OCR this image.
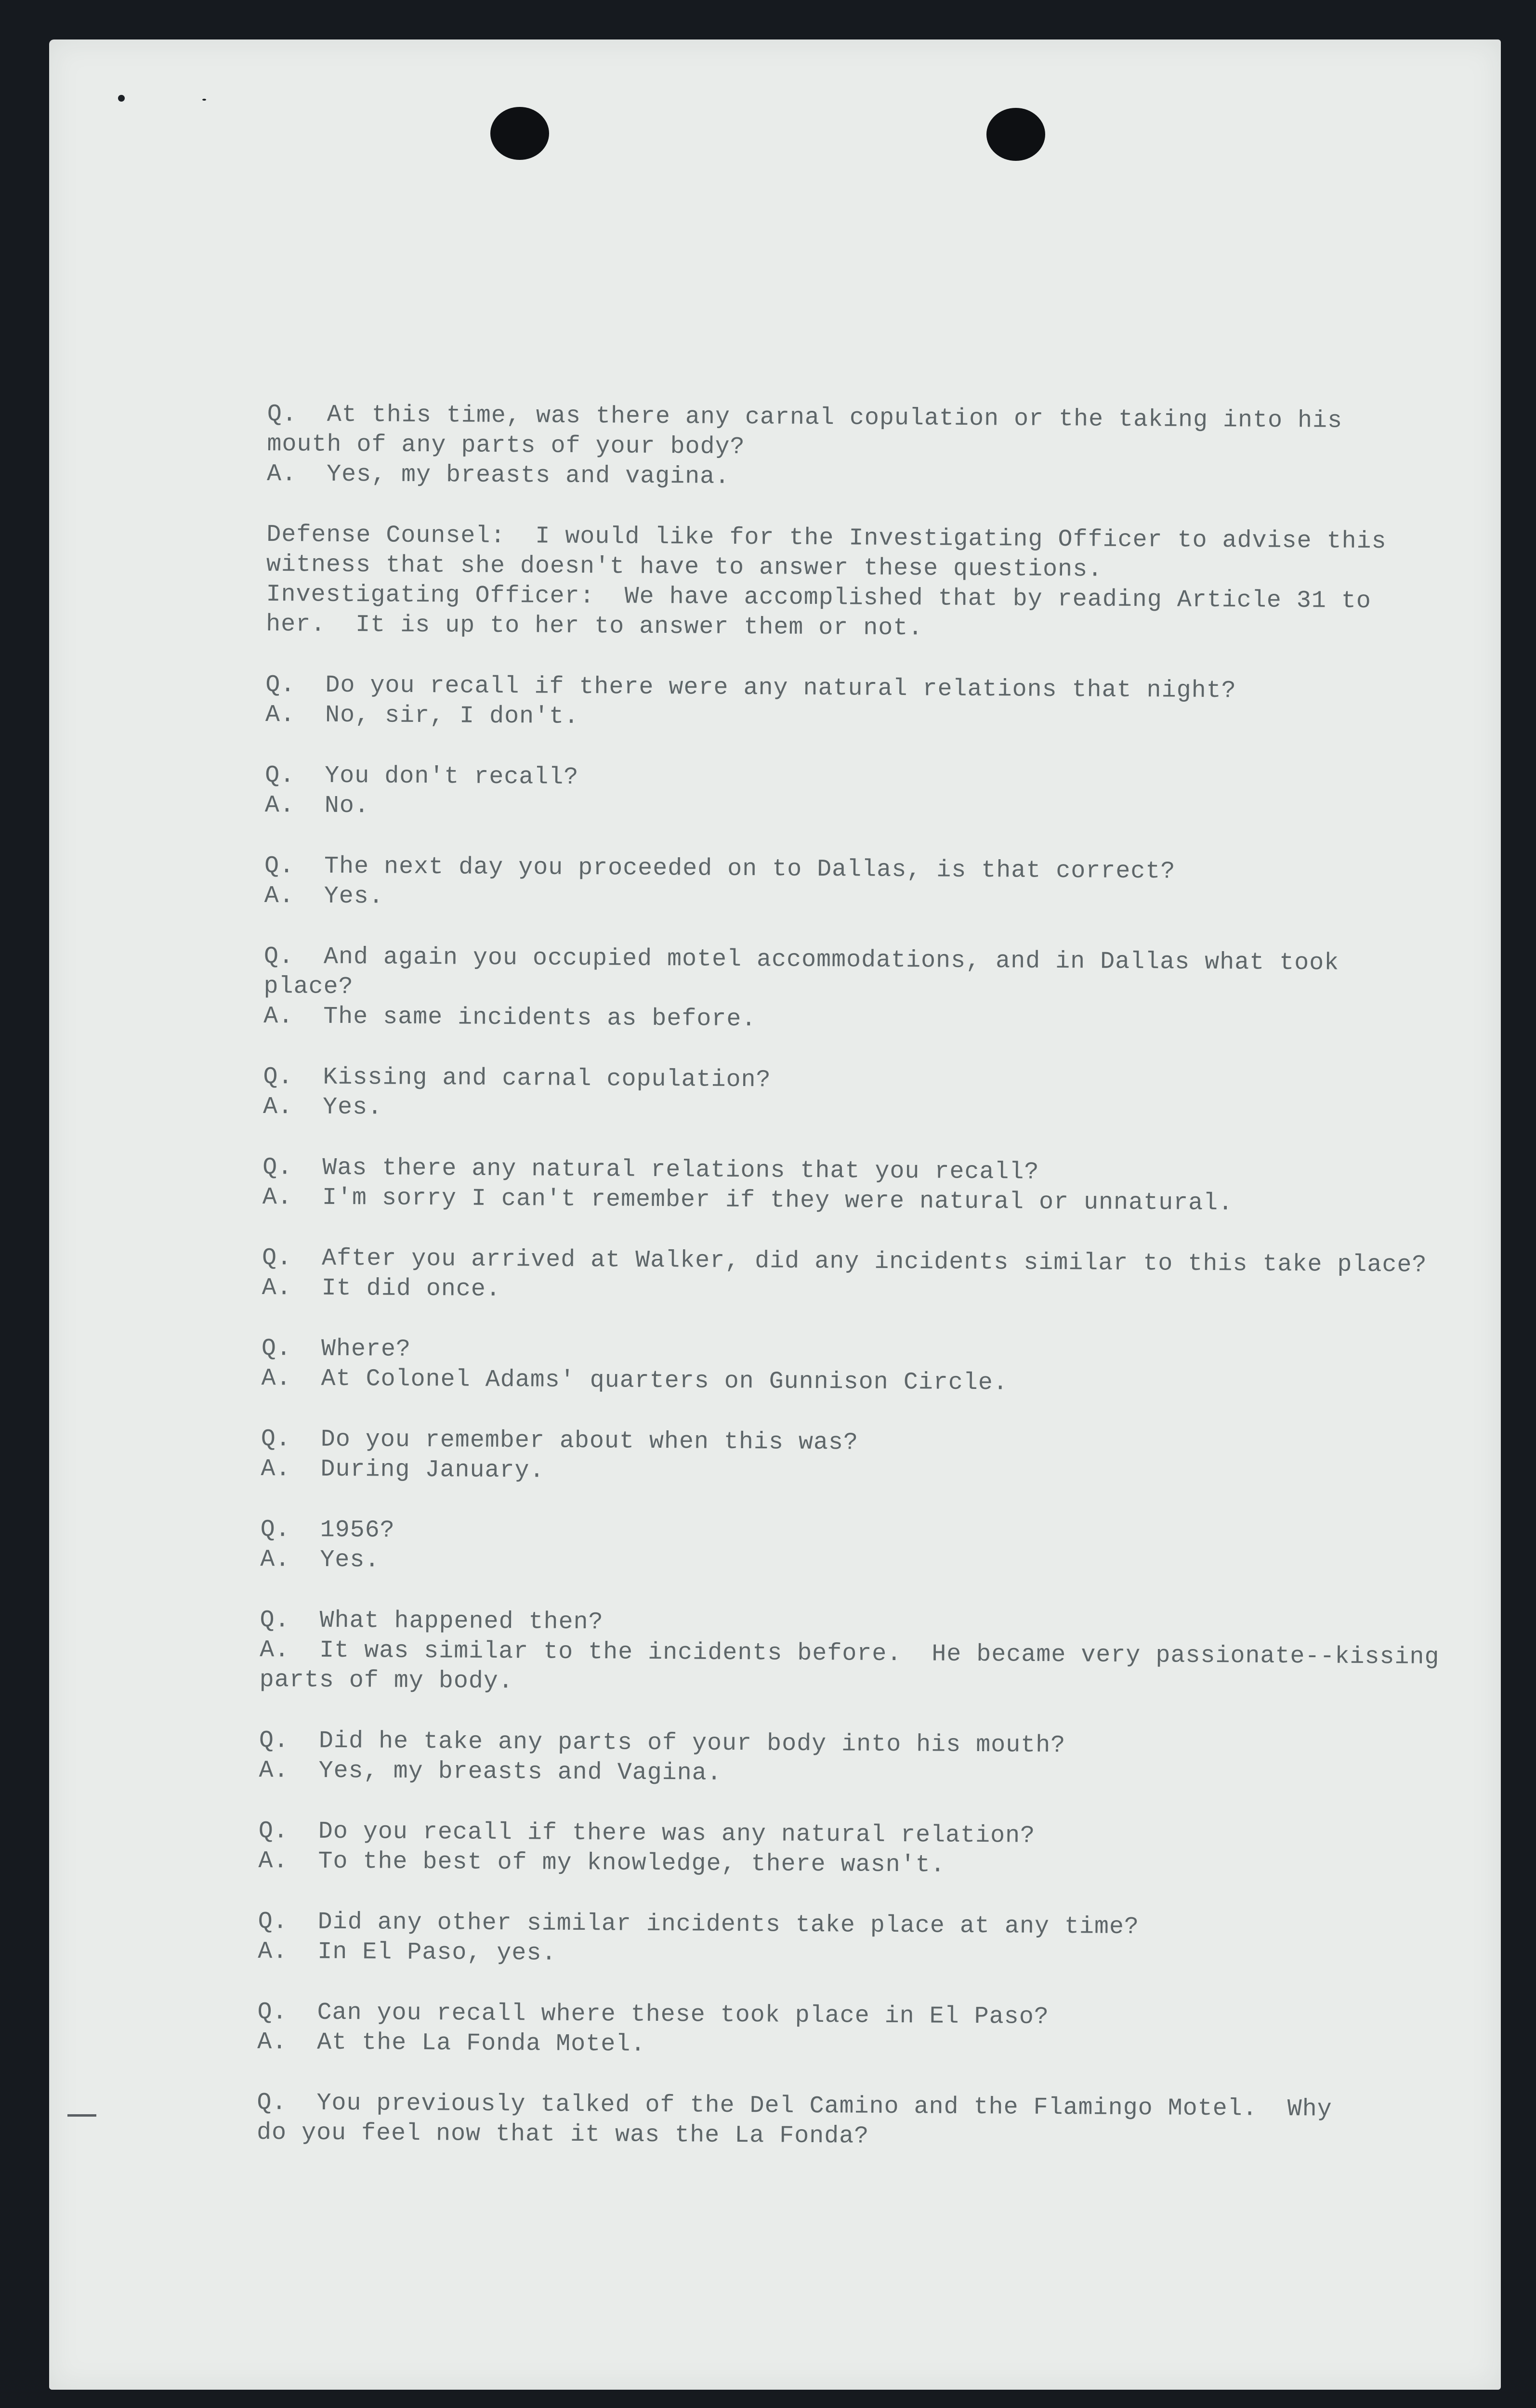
Q.  At this time, was there any carnal copulation or the taking into his
mouth of any parts of your body?
A.  Yes, my breasts and vagina.
Defense Counsel:  I would like for the Investigating Officer to advise this
witness that she doesn't have to answer these questions.
Investigating Officer:  We have accomplished that by reading Article 31 to
her.  It is up to her to answer them or not.
Q.  Do you recall if there were any natural relations that night?
A.  No, sir, I don't.
Q.  You don't recall?
A.  No.
Q.  The next day you proceeded on to Dallas, is that correct?
A.  Yes.
Q.  And again you occupied motel accommodations, and in Dallas what took
place?
A.  The same incidents as before.
Q.  Kissing and carnal copulation?
A.  Yes.
Q.  Was there any natural relations that you recall?
A.  I'm sorry I can't remember if they were natural or unnatural.
Q.  After you arrived at Walker, did any incidents similar to this take place?
A.  It did once.
Q.  Where?
A.  At Colonel Adams' quarters on Gunnison Circle.
Q.  Do you remember about when this was?
A.  During January.
Q.  1956?
A.  Yes.
Q.  What happened then?
A.  It was similar to the incidents before.  He became very passionate--kissing
parts of my body.
Q.  Did he take any parts of your body into his mouth?
A.  Yes, my breasts and Vagina.
Q.  Do you recall if there was any natural relation?
A.  To the best of my knowledge, there wasn't.
Q.  Did any other similar incidents take place at any time?
A.  In El Paso, yes.
Q.  Can you recall where these took place in El Paso?
A.  At the La Fonda Motel.
Q.  You previously talked of the Del Camino and the Flamingo Motel.  Why
do you feel now that it was the La Fonda?
